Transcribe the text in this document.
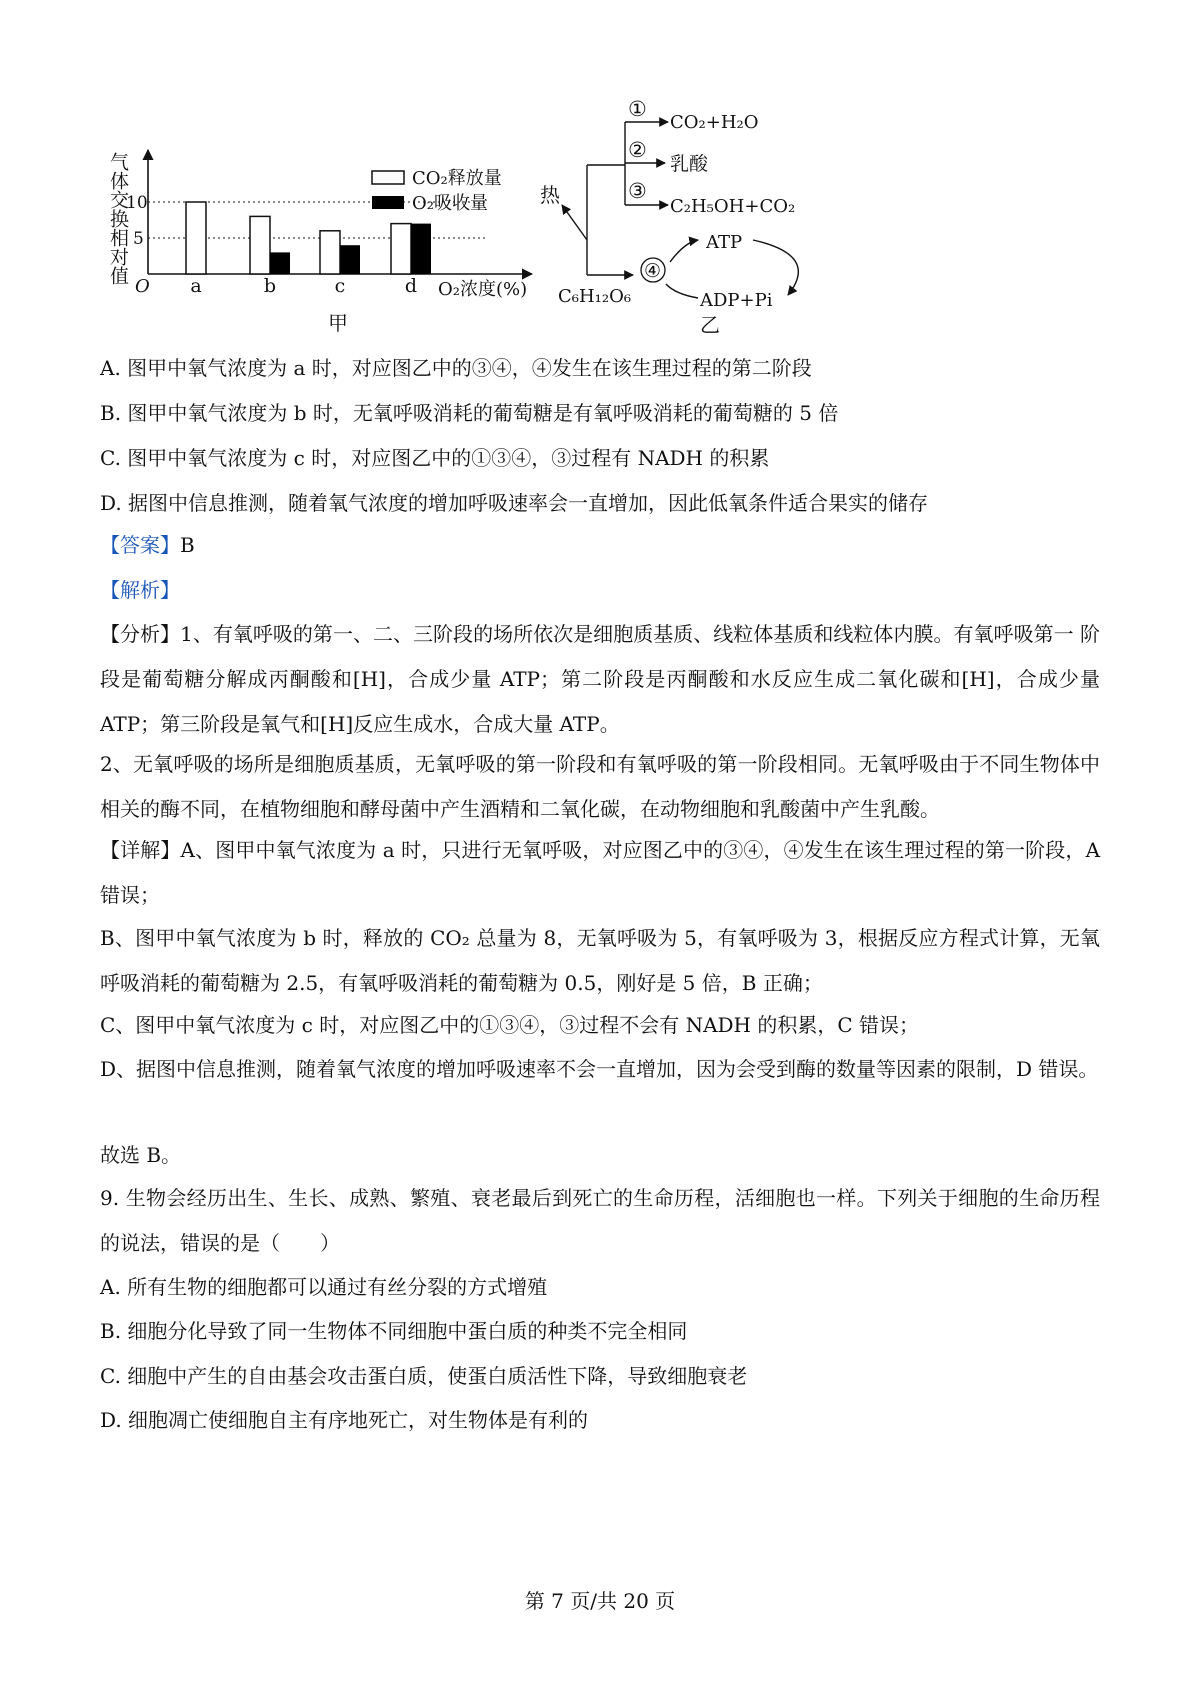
气体交换相对值
10
5
O a	b	c	d O₂浓度(%)
CO₂释放量
O₂吸收量
甲
①
CO₂+H₂O
②
乳酸
③
C₂H₅OH+CO₂
热
C₆H₁₂O₆
④
ATP
ADP+Pi
乙
A. 图甲中氧气浓度为 a 时，对应图乙中的③④，④发生在该生理过程的第二阶段
B. 图甲中氧气浓度为 b 时，无氧呼吸消耗的葡萄糖是有氧呼吸消耗的葡萄糖的 5 倍
C. 图甲中氧气浓度为 c 时，对应图乙中的①③④，③过程有 NADH 的积累
D. 据图中信息推测，随着氧气浓度的增加呼吸速率会一直增加，因此低氧条件适合果实的储存
【答案】B
【解析】
【分析】1、有氧呼吸的第一、二、三阶段的场所依次是细胞质基质、线粒体基质和线粒体内膜。有氧呼吸第一 阶段是葡萄糖分解成丙酮酸和[H]，合成少量 ATP；第二阶段是丙酮酸和水反应生成二氧化碳和[H]，合成少量 ATP；第三阶段是氧气和[H]反应生成水，合成大量 ATP。
2、无氧呼吸的场所是细胞质基质，无氧呼吸的第一阶段和有氧呼吸的第一阶段相同。无氧呼吸由于不同生物体中相关的酶不同，在植物细胞和酵母菌中产生酒精和二氧化碳，在动物细胞和乳酸菌中产生乳酸。
【详解】A、图甲中氧气浓度为 a 时，只进行无氧呼吸，对应图乙中的③④，④发生在该生理过程的第一阶段，A 错误；
B、图甲中氧气浓度为 b 时，释放的 CO₂ 总量为 8，无氧呼吸为 5，有氧呼吸为 3，根据反应方程式计算，无氧呼吸消耗的葡萄糖为 2.5，有氧呼吸消耗的葡萄糖为 0.5，刚好是 5 倍，B 正确；
C、图甲中氧气浓度为 c 时，对应图乙中的①③④，③过程不会有 NADH 的积累，C 错误；
D、据图中信息推测，随着氧气浓度的增加呼吸速率不会一直增加，因为会受到酶的数量等因素的限制，D 错误。
故选 B。
9. 生物会经历出生、生长、成熟、繁殖、衰老最后到死亡的生命历程，活细胞也一样。下列关于细胞的生命历程的说法，错误的是（　　）
A. 所有生物的细胞都可以通过有丝分裂的方式增殖
B. 细胞分化导致了同一生物体不同细胞中蛋白质的种类不完全相同
C. 细胞中产生的自由基会攻击蛋白质，使蛋白质活性下降，导致细胞衰老
D. 细胞凋亡使细胞自主有序地死亡，对生物体是有利的
第 7 页/共 20 页
